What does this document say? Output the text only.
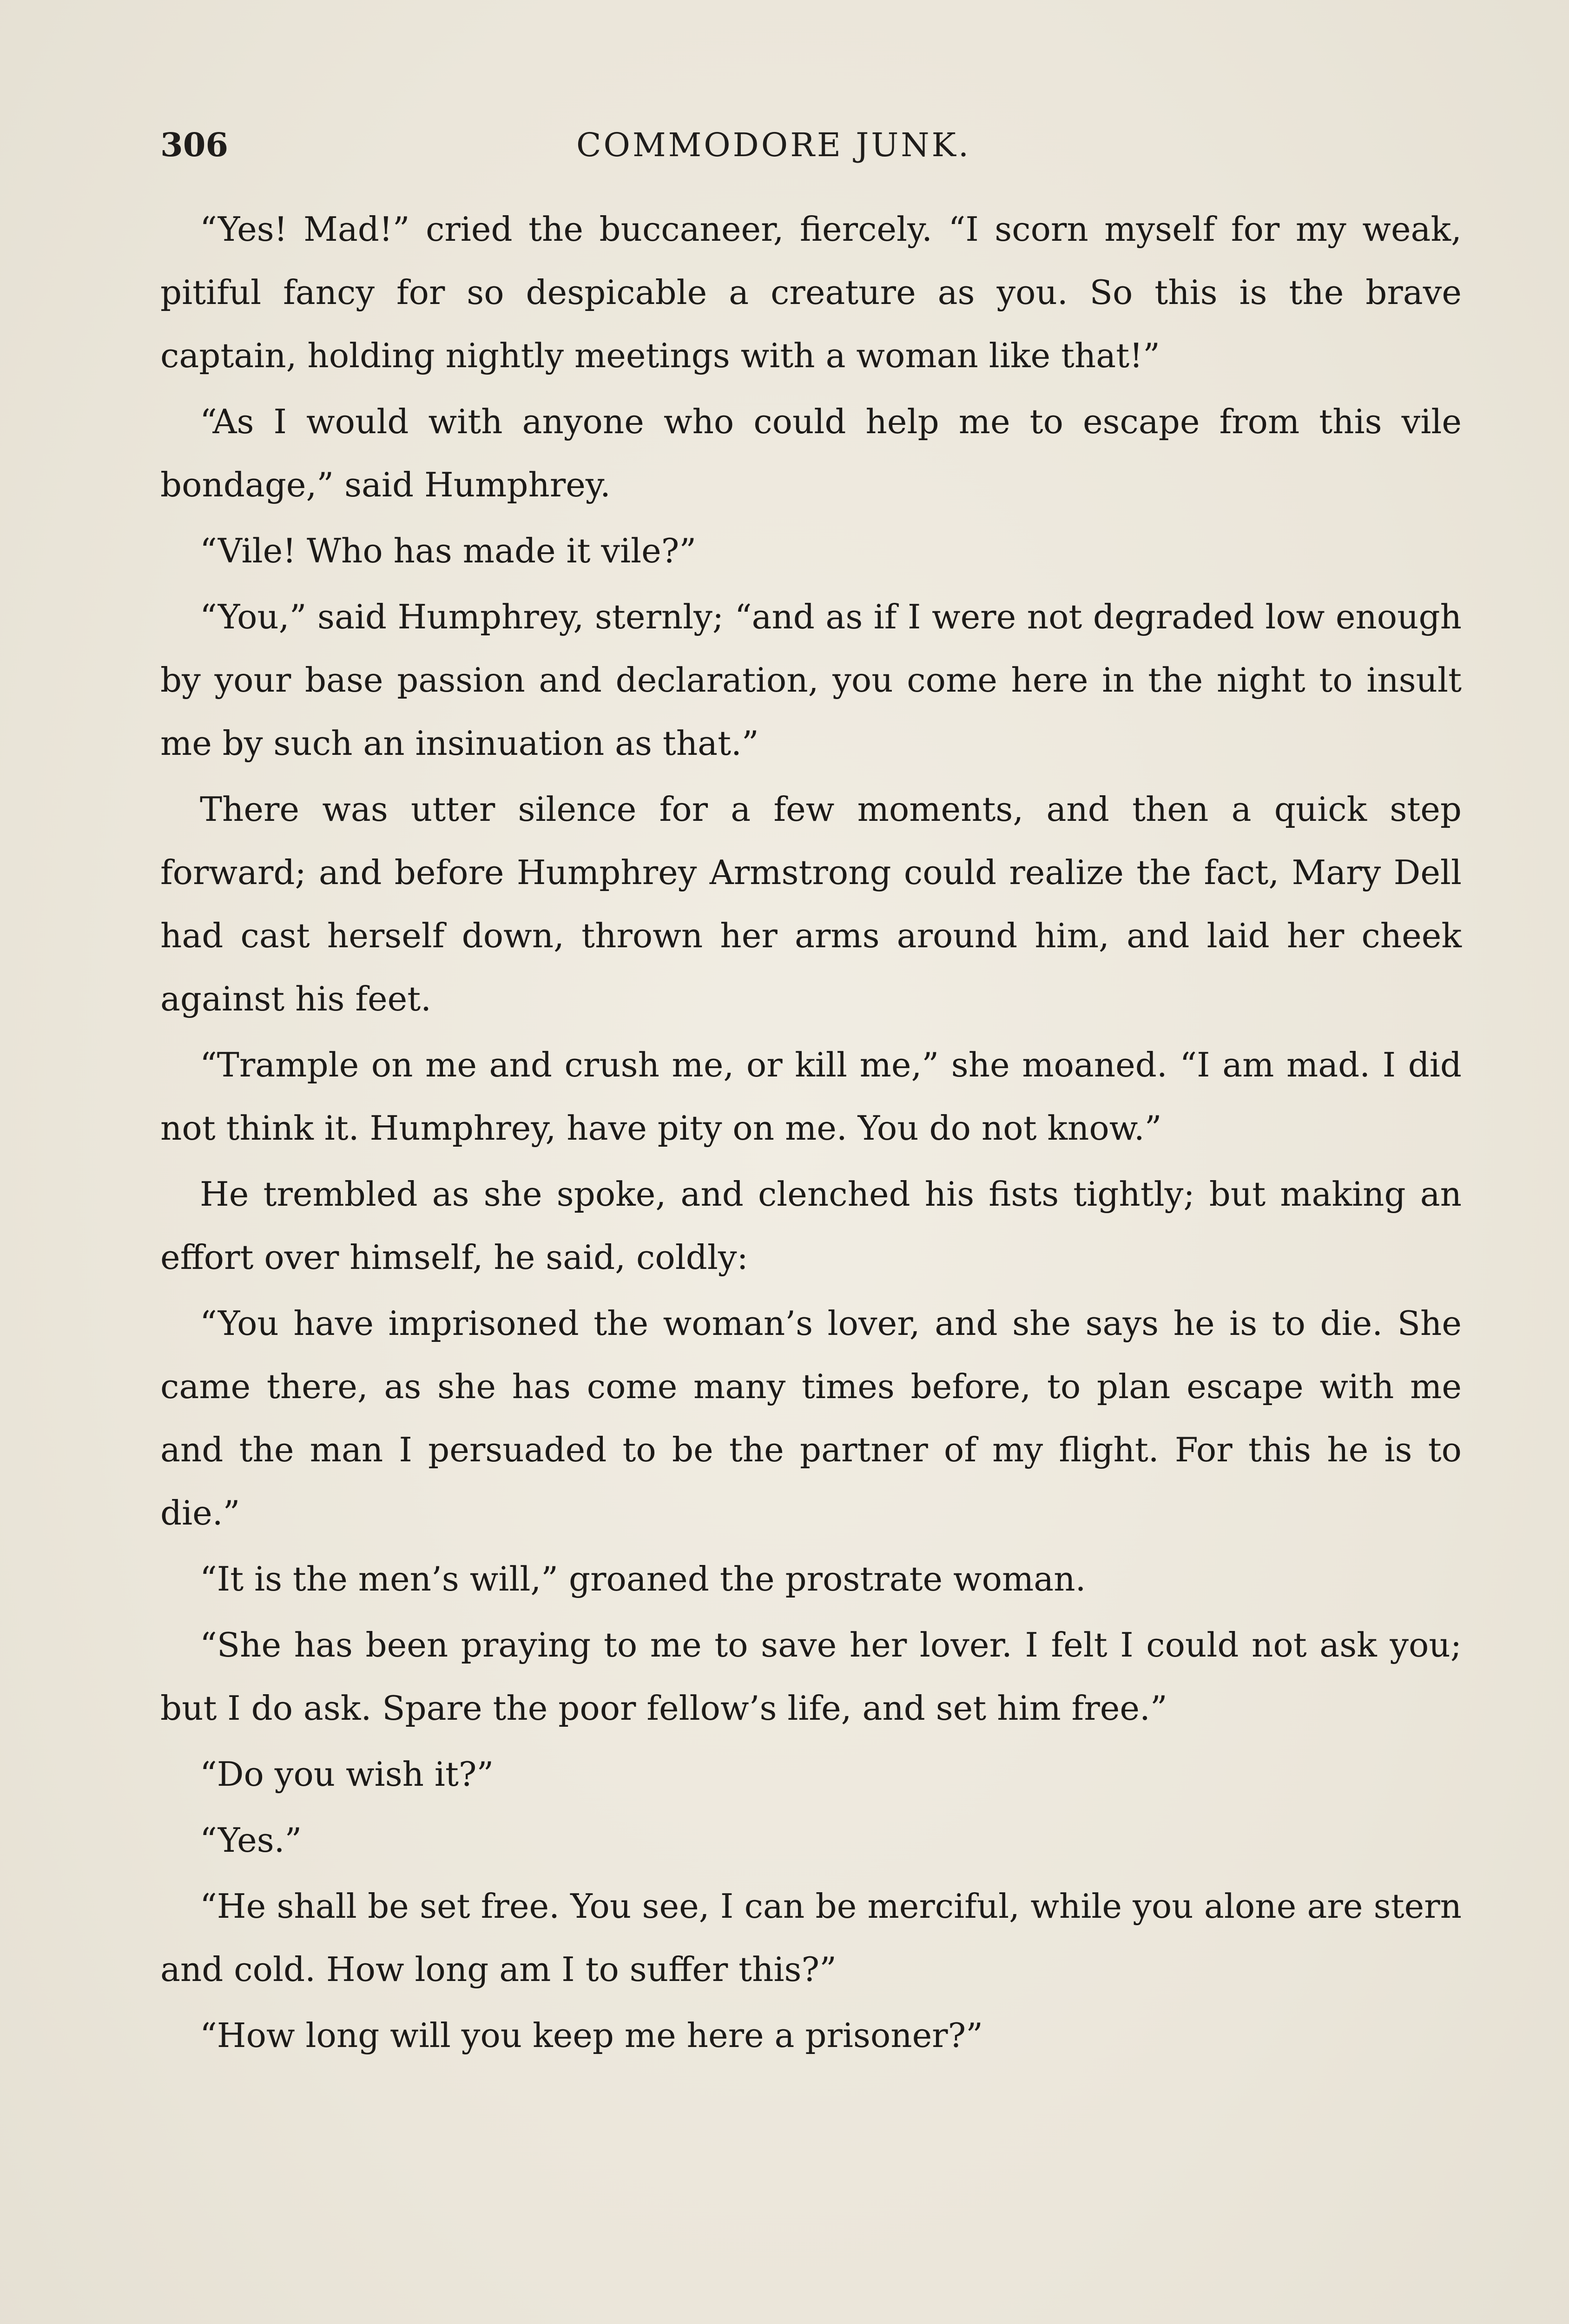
306	COMMODORE JUNK.

“Yes! Mad!” cried the buccaneer, fiercely. “I scorn myself for my weak, pitiful fancy for so despicable a creature as you. So this is the brave captain, holding nightly meetings with a woman like that!”

“As I would with anyone who could help me to escape from this vile bondage,” said Humphrey.

“Vile! Who has made it vile?”

“You,” said Humphrey, sternly; “and as if I were not degraded low enough by your base passion and declaration, you come here in the night to insult me by such an insinuation as that.”

There was utter silence for a few moments, and then a quick step forward; and before Humphrey Armstrong could realize the fact, Mary Dell had cast herself down, thrown her arms around him, and laid her cheek against his feet.

“Trample on me and crush me, or kill me,” she moaned. “I am mad. I did not think it. Humphrey, have pity on me. You do not know.”

He trembled as she spoke, and clenched his fists tightly; but making an effort over himself, he said, coldly:

“You have imprisoned the woman’s lover, and she says he is to die. She came there, as she has come many times before, to plan escape with me and the man I persuaded to be the partner of my flight. For this he is to die.”

“It is the men’s will,” groaned the prostrate woman.

“She has been praying to me to save her lover. I felt I could not ask you; but I do ask. Spare the poor fellow’s life, and set him free.”

“Do you wish it?”

“Yes.”

“He shall be set free. You see, I can be merciful, while you alone are stern and cold. How long am I to suffer this?”

“How long will you keep me here a prisoner?”
